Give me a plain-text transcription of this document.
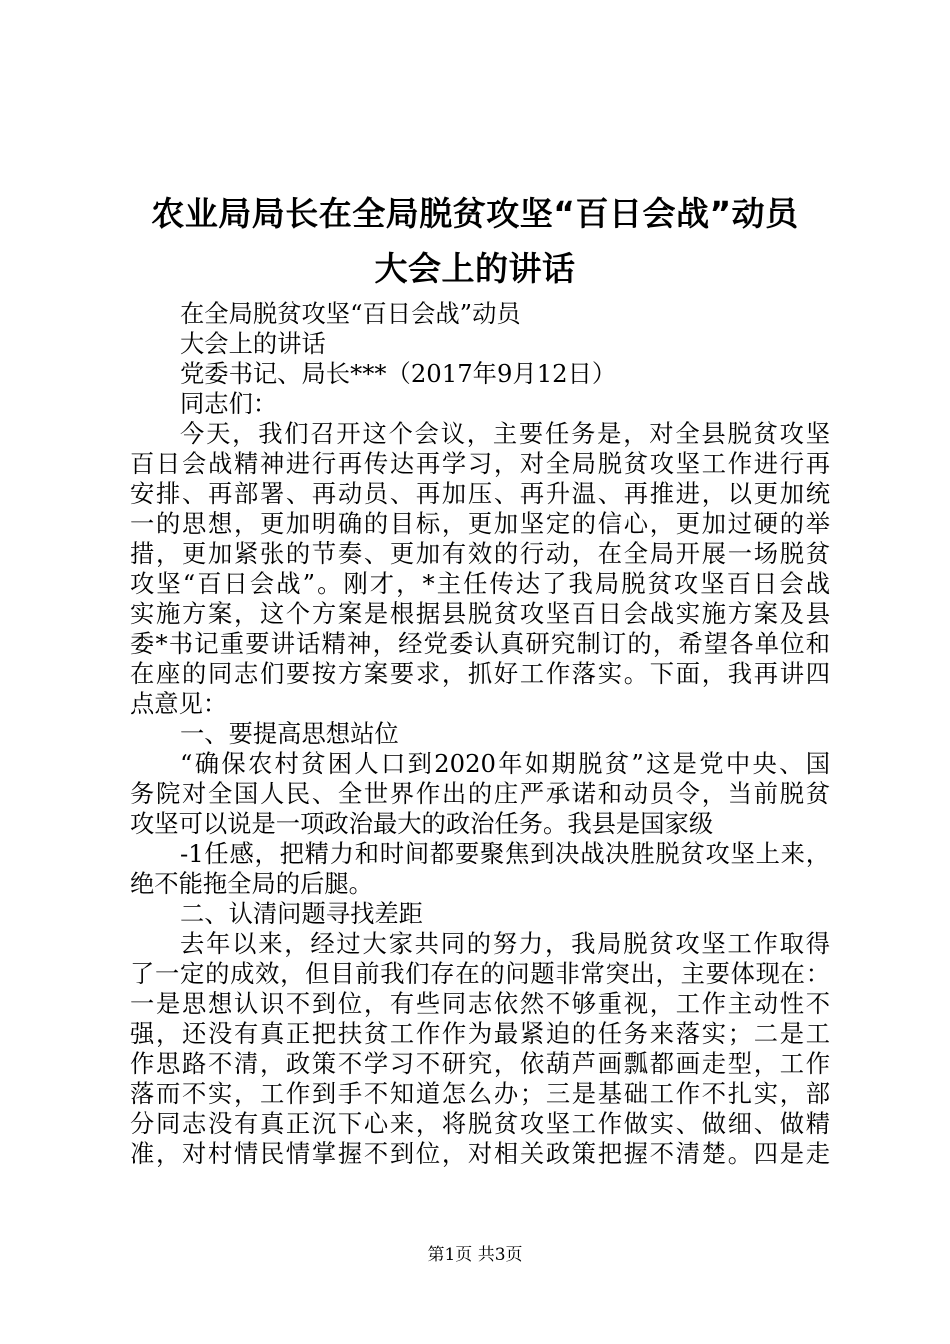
农业局局长在全局脱贫攻坚“百日会战”动员
大会上的讲话
在全局脱贫攻坚“百日会战”动员
大会上的讲话
党委书记、局长***（2017年9月12日）
同志们：
今天，我们召开这个会议，主要任务是，对全县脱贫攻坚
百日会战精神进行再传达再学习，对全局脱贫攻坚工作进行再
安排、再部署、再动员、再加压、再升温、再推进，以更加统
一的思想，更加明确的目标，更加坚定的信心，更加过硬的举
措，更加紧张的节奏、更加有效的行动，在全局开展一场脱贫
攻坚“百日会战”。刚才，*主任传达了我局脱贫攻坚百日会战
实施方案，这个方案是根据县脱贫攻坚百日会战实施方案及县
委*书记重要讲话精神，经党委认真研究制订的，希望各单位和
在座的同志们要按方案要求，抓好工作落实。下面，我再讲四
点意见：
一、要提高思想站位
“确保农村贫困人口到2020年如期脱贫”这是党中央、国
务院对全国人民、全世界作出的庄严承诺和动员令，当前脱贫
攻坚可以说是一项政治最大的政治任务。我县是国家级
-1任感，把精力和时间都要聚焦到决战决胜脱贫攻坚上来，
绝不能拖全局的后腿。
二、认清问题寻找差距
去年以来，经过大家共同的努力，我局脱贫攻坚工作取得
了一定的成效，但目前我们存在的问题非常突出，主要体现在：
一是思想认识不到位，有些同志依然不够重视，工作主动性不
强，还没有真正把扶贫工作作为最紧迫的任务来落实；二是工
作思路不清，政策不学习不研究，依葫芦画瓢都画走型，工作
落而不实，工作到手不知道怎么办；三是基础工作不扎实，部
分同志没有真正沉下心来，将脱贫攻坚工作做实、做细、做精
准，对村情民情掌握不到位，对相关政策把握不清楚。四是走
第1页 共3页
